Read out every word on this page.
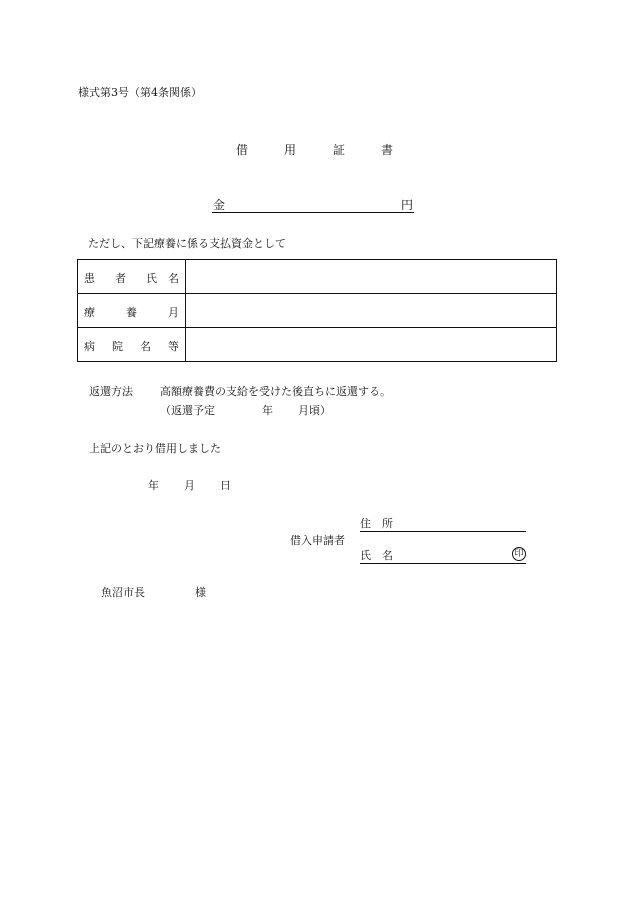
様式第3号（第4条関係）
借	用	証	書
金	円
ただし、下記療養に係る支払資金として
患 者 氏 名	

療 養 月	

病 院 名 等	

返還方法 高額療養費の支給を受けた後直ちに返還する。
（返還予定	年 月頃）
上記のとおり借用しました
年 月 日
借入申請者
住 所
氏 名	印
魚沼市長	様
